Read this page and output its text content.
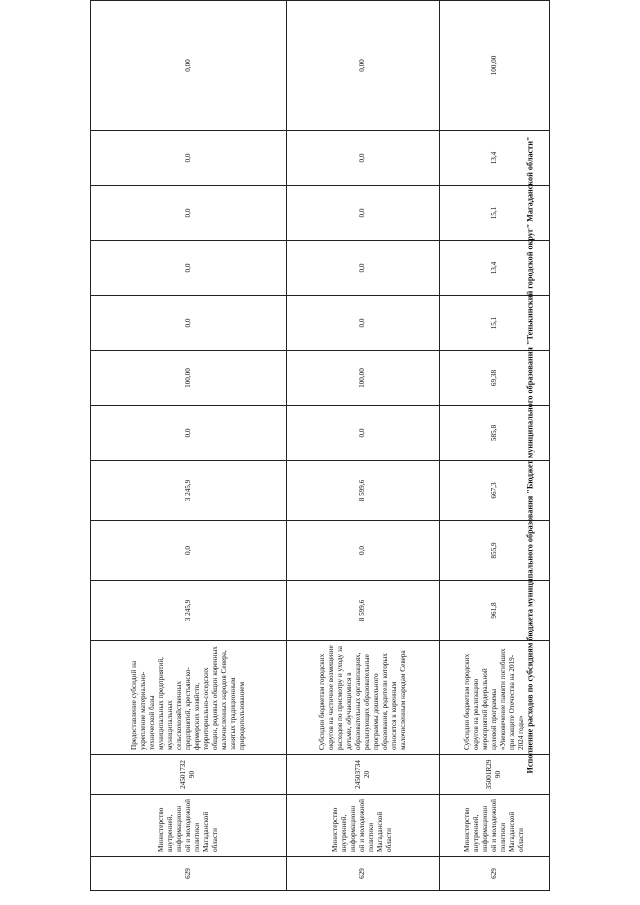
629	Министерство внутренней, информационн ой и молодежной политики Магаданской области	2450173290	Предоставление субсидий на укрепление материально-технической базы муниципальных предприятий, муниципальных сельскохозяйственных предприятий, крестьянско-фермерских хозяйств, территориально-соседских общин, родовых общин коренных малочисленных народов Севера, занятых традиционным природопользованием	3 245,9	0,0	3 245,9	0,0	100,00	0,0	0,0	0,0	0,0	0,00
629	Министерство внутренней, информационн ой и молодежной политики Магаданской области	2450373420	Субсидии бюджетам городских округов на частичное возмещение расходов по присмотру и уходу за детьми, обучающимися в образовательных организациях, реализующих образовательные программы дошкольного образования, родители которых относятся к коренным малочисленным народам Севера	8 599,6	0,0	8 599,6	0,0	100,00	0,0	0,0	0,0	0,0	0,00
629	Министерство внутренней, информационн ой и молодежной политики Магаданской области	35001R2990	Субсидии бюджетам городских округов на реализацию мероприятий федеральной целевой программы «Увековечение памяти погибших при защите Отечества на 2019-2024 годы»	961,8	855,9	667,3	585,8	69,38	15,1	13,4	15,1	13,4	100,00
Исполнение расходов по субсидиям бюджета муниципального образования "Бюджет муниципального образования "Тенькинский городской округ" Магаданской области"
